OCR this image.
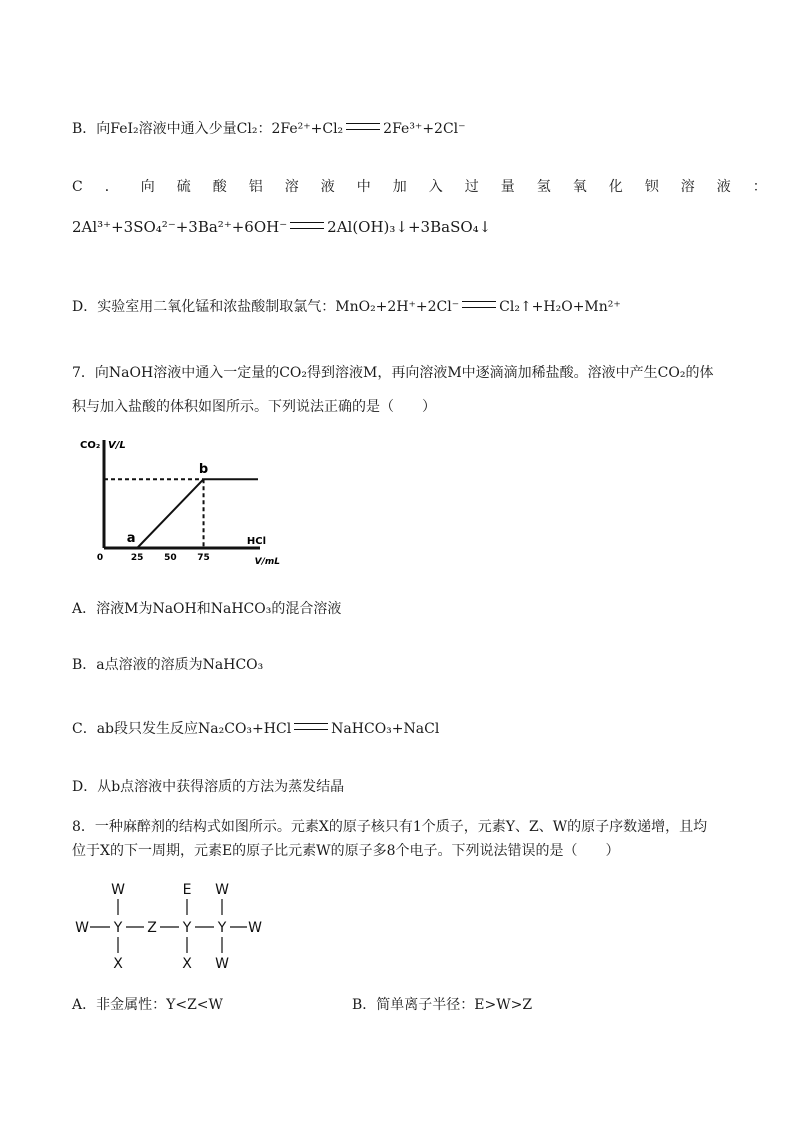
B．向FeI₂溶液中通入少量Cl₂：2Fe²⁺+Cl₂	2Fe³⁺+2Cl⁻
C．向硫酸铝溶液中加入过量氢氧化钡溶液：
2Al³⁺+3SO₄²⁻+3Ba²⁺+6OH⁻	2Al(OH)₃↓+3BaSO₄↓
D．实验室用二氧化锰和浓盐酸制取氯气：MnO₂+2H⁺+2Cl⁻	Cl₂↑+H₂O+Mn²⁺
7．向NaOH溶液中通入一定量的CO₂得到溶液M，再向溶液M中逐滴滴加稀盐酸。溶液中产生CO₂的体
积与加入盐酸的体积如图所示。下列说法正确的是（　　）
CO₂ V/L
HCl
V/mL
0	25 50 75
a
b
A．溶液M为NaOH和NaHCO₃的混合溶液
B．a点溶液的溶质为NaHCO₃
C．ab段只发生反应Na₂CO₃+HCl	NaHCO₃+NaCl
D．从b点溶液中获得溶质的方法为蒸发结晶
8．一种麻醉剂的结构式如图所示。元素X的原子核只有1个质子，元素Y、Z、W的原子序数递增，且均
位于X的下一周期，元素E的原子比元素W的原子多8个电子。下列说法错误的是（　　）
W
W Y Z Y Y W
E
X	X
W
W
A．非金属性：Y<Z<W	B．简单离子半径：E>W>Z
